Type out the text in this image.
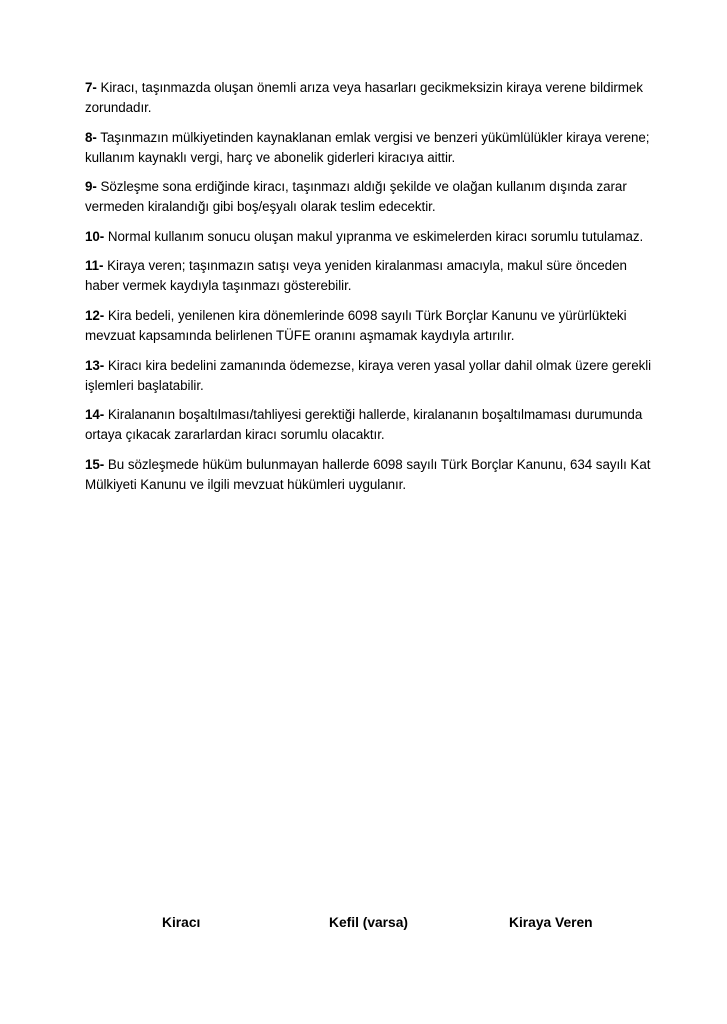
7- Kiracı, taşınmazda oluşan önemli arıza veya hasarları gecikmeksizin kiraya verene bildirmek zorundadır.

8- Taşınmazın mülkiyetinden kaynaklanan emlak vergisi ve benzeri yükümlülükler kiraya verene; kullanım kaynaklı vergi, harç ve abonelik giderleri kiracıya aittir.

9- Sözleşme sona erdiğinde kiracı, taşınmazı aldığı şekilde ve olağan kullanım dışında zarar vermeden kiralandığı gibi boş/eşyalı olarak teslim edecektir.

10- Normal kullanım sonucu oluşan makul yıpranma ve eskimelerden kiracı sorumlu tutulamaz.

11- Kiraya veren; taşınmazın satışı veya yeniden kiralanması amacıyla, makul süre önceden haber vermek kaydıyla taşınmazı gösterebilir.

12- Kira bedeli, yenilenen kira dönemlerinde 6098 sayılı Türk Borçlar Kanunu ve yürürlükteki mevzuat kapsamında belirlenen TÜFE oranını aşmamak kaydıyla artırılır.

13- Kiracı kira bedelini zamanında ödemezse, kiraya veren yasal yollar dahil olmak üzere gerekli işlemleri başlatabilir.

14- Kiralananın boşaltılması/tahliyesi gerektiği hallerde, kiralananın boşaltılmaması durumunda ortaya çıkacak zararlardan kiracı sorumlu olacaktır.

15- Bu sözleşmede hüküm bulunmayan hallerde 6098 sayılı Türk Borçlar Kanunu, 634 sayılı Kat Mülkiyeti Kanunu ve ilgili mevzuat hükümleri uygulanır.

Kiracı	Kefil (varsa)	Kiraya Veren
